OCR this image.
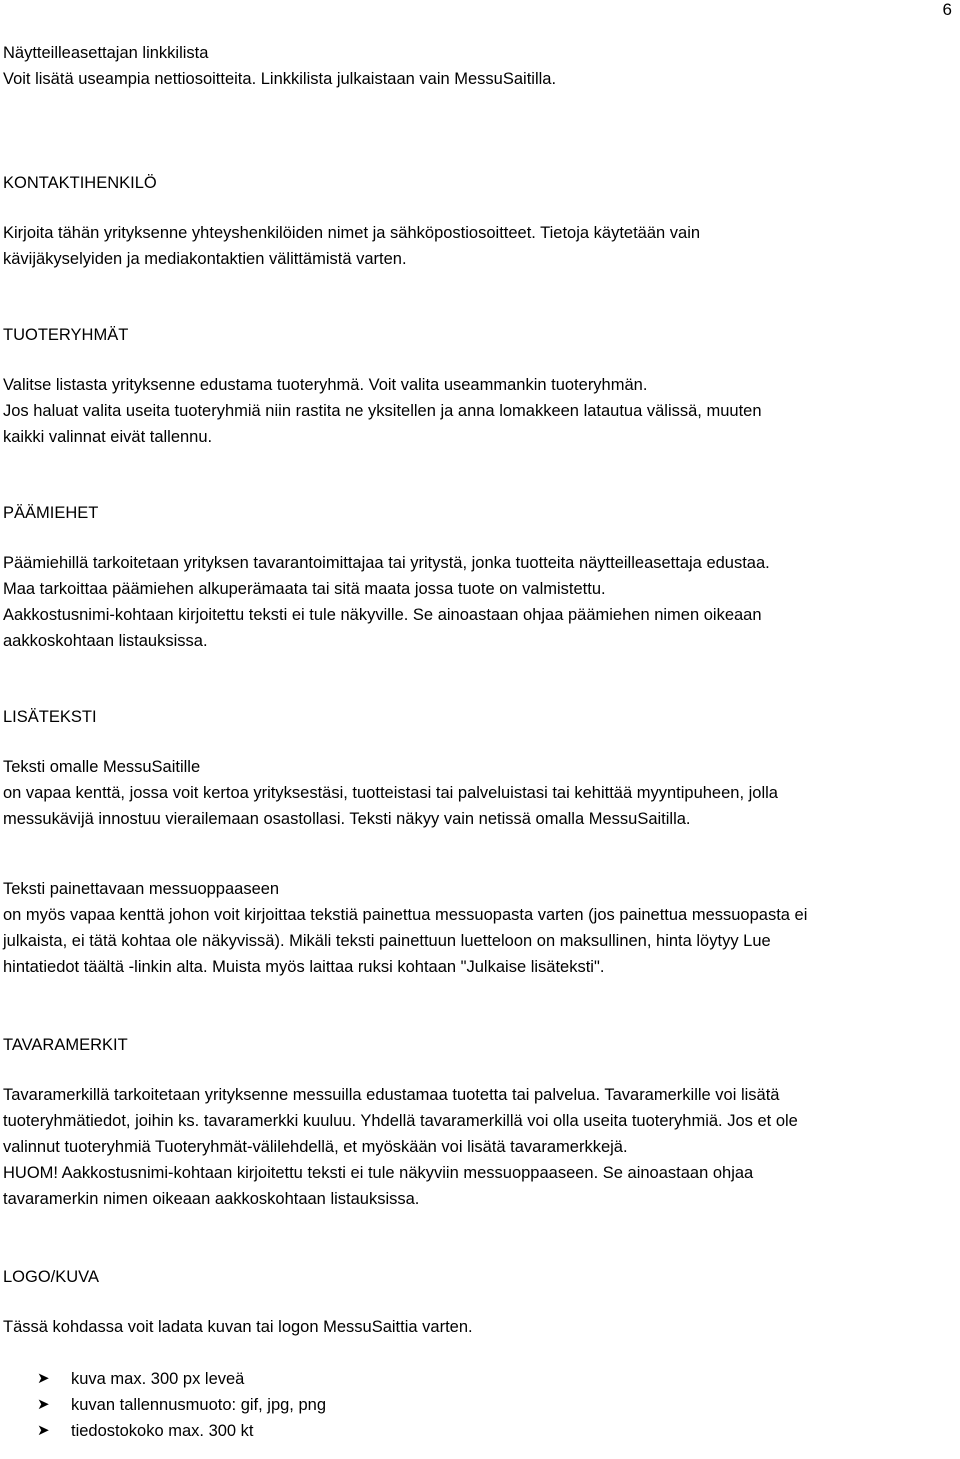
6

Näytteilleasettajan linkkilista

Voit lisätä useampia nettiosoitteita. Linkkilista julkaistaan vain MessuSaitilla.

KONTAKTIHENKILÖ

Kirjoita tähän yrityksenne yhteyshenkilöiden nimet ja sähköpostiosoitteet. Tietoja käytetään vain

kävijäkyselyiden ja mediakontaktien välittämistä varten.

TUOTERYHMÄT

Valitse listasta yrityksenne edustama tuoteryhmä. Voit valita useammankin tuoteryhmän.

Jos haluat valita useita tuoteryhmiä niin rastita ne yksitellen ja anna lomakkeen latautua välissä, muuten

kaikki valinnat eivät tallennu.

PÄÄMIEHET

Päämiehillä tarkoitetaan yrityksen tavarantoimittajaa tai yritystä, jonka tuotteita näytteilleasettaja edustaa.

Maa tarkoittaa päämiehen alkuperämaata tai sitä maata jossa tuote on valmistettu.

Aakkostusnimi-kohtaan kirjoitettu teksti ei tule näkyville. Se ainoastaan ohjaa päämiehen nimen oikeaan

aakkoskohtaan listauksissa.

LISÄTEKSTI

Teksti omalle MessuSaitille

on vapaa kenttä, jossa voit kertoa yrityksestäsi, tuotteistasi tai palveluistasi tai kehittää myyntipuheen, jolla

messukävijä innostuu vierailemaan osastollasi. Teksti näkyy vain netissä omalla MessuSaitilla.

Teksti painettavaan messuoppaaseen

on myös vapaa kenttä johon voit kirjoittaa tekstiä painettua messuopasta varten (jos painettua messuopasta ei

julkaista, ei tätä kohtaa ole näkyvissä). Mikäli teksti painettuun luetteloon on maksullinen, hinta löytyy Lue

hintatiedot täältä -linkin alta. Muista myös laittaa ruksi kohtaan "Julkaise lisäteksti".

TAVARAMERKIT

Tavaramerkillä tarkoitetaan yrityksenne messuilla edustamaa tuotetta tai palvelua. Tavaramerkille voi lisätä

tuoteryhmätiedot, joihin ks. tavaramerkki kuuluu. Yhdellä tavaramerkillä voi olla useita tuoteryhmiä. Jos et ole

valinnut tuoteryhmiä Tuoteryhmät-välilehdellä, et myöskään voi lisätä tavaramerkkejä.

HUOM! Aakkostusnimi-kohtaan kirjoitettu teksti ei tule näkyviin messuoppaaseen. Se ainoastaan ohjaa

tavaramerkin nimen oikeaan aakkoskohtaan listauksissa.

LOGO/KUVA

Tässä kohdassa voit ladata kuvan tai logon MessuSaittia varten.

➤ kuva max. 300 px leveä
➤ kuvan tallennusmuoto: gif, jpg, png
➤ tiedostokoko max. 300 kt
